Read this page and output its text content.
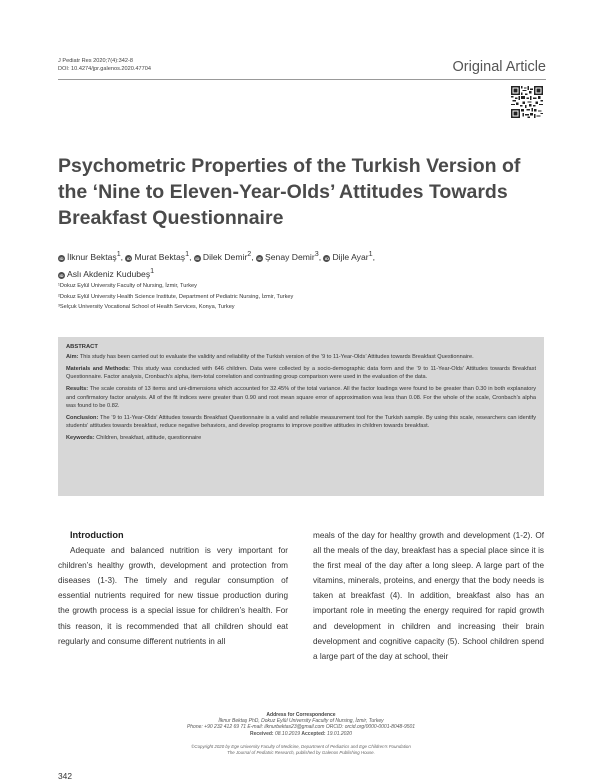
J Pediatr Res 2020;7(4):342-8
DOI: 10.4274/jpr.galenos.2020.47704	Original Article
Psychometric Properties of the Turkish Version of the ‘Nine to Eleven-Year-Olds’ Attitudes Towards Breakfast Questionnaire
iD İlknur Bektaş$^1$, iD Murat Bektaş$^1$, iD Dilek Demir$^2$, iD Şenay Demir$^3$, iD Dijle Ayar$^1$,
iD Aslı Akdeniz Kudubeş$^1$
¹Dokuz Eylül University Faculty of Nursing, İzmir, Turkey
²Dokuz Eylül University Health Science Institute, Department of Pediatric Nursing, İzmir, Turkey
³Selçuk University Vocational School of Health Services, Konya, Turkey
ABSTRACT

Aim: This study has been carried out to evaluate the validity and reliability of the Turkish version of the ‘9 to 11-Year-Olds’ Attitudes towards Breakfast Questionnaire.

Materials and Methods: This study was conducted with 646 children. Data were collected by a socio-demographic data form and the ‘9 to 11-Year-Olds’ Attitudes towards Breakfast Questionnaire. Factor analysis, Cronbach’s alpha, item-total correlation and contrasting group comparison were used in the evaluation of the data.

Results: The scale consists of 13 items and uni-dimensions which accounted for 32.45% of the total variance. All the factor loadings were found to be greater than 0.30 in both explanatory and confirmatory factor analysis. All of the fit indices were greater than 0.90 and root mean square error of approximation was less than 0.08. For the whole of the scale, Cronbach’s alpha was found to be 0.82.

Conclusion: The ‘9 to 11-Year-Olds’ Attitudes towards Breakfast Questionnaire is a valid and reliable measurement tool for the Turkish sample. By using this scale, researchers can identify students’ attitudes towards breakfast, reduce negative behaviors, and develop programs to improve positive attitudes in children towards breakfast.

Keywords: Children, breakfast, attitude, questionnaire

Introduction

Adequate and balanced nutrition is very important for children’s healthy growth, development and protection from diseases (1-3). The timely and regular consumption of essential nutrients required for new tissue production during the growth process is a special issue for children’s health. For this reason, it is recommended that all children should eat regularly and consume different nutrients in all

meals of the day for healthy growth and development (1-2). Of all the meals of the day, breakfast has a special place since it is the first meal of the day after a long sleep. A large part of the vitamins, minerals, proteins, and energy that the body needs is taken at breakfast (4). In addition, breakfast also has an important role in meeting the energy required for rapid growth and development in children and increasing their brain development and cognitive capacity (5). School children spend a large part of the day at school, their

Address for Correspondence
İlknur Bektaş PhD, Dokuz Eylül University Faculty of Nursing, İzmir, Turkey
Phone: +90 232 412 69 71 E-mail: ilknurbektas23@gmail.com ORCID: orcid.org/0000-0001-8048-9501
Received: 08.10.2019 Accepted: 19.01.2020
©Copyright 2020 by Ege University Faculty of Medicine, Department of Pediatrics and Ege Children’s Foundation
The Journal of Pediatric Research, published by Galenos Publishing House.
342
